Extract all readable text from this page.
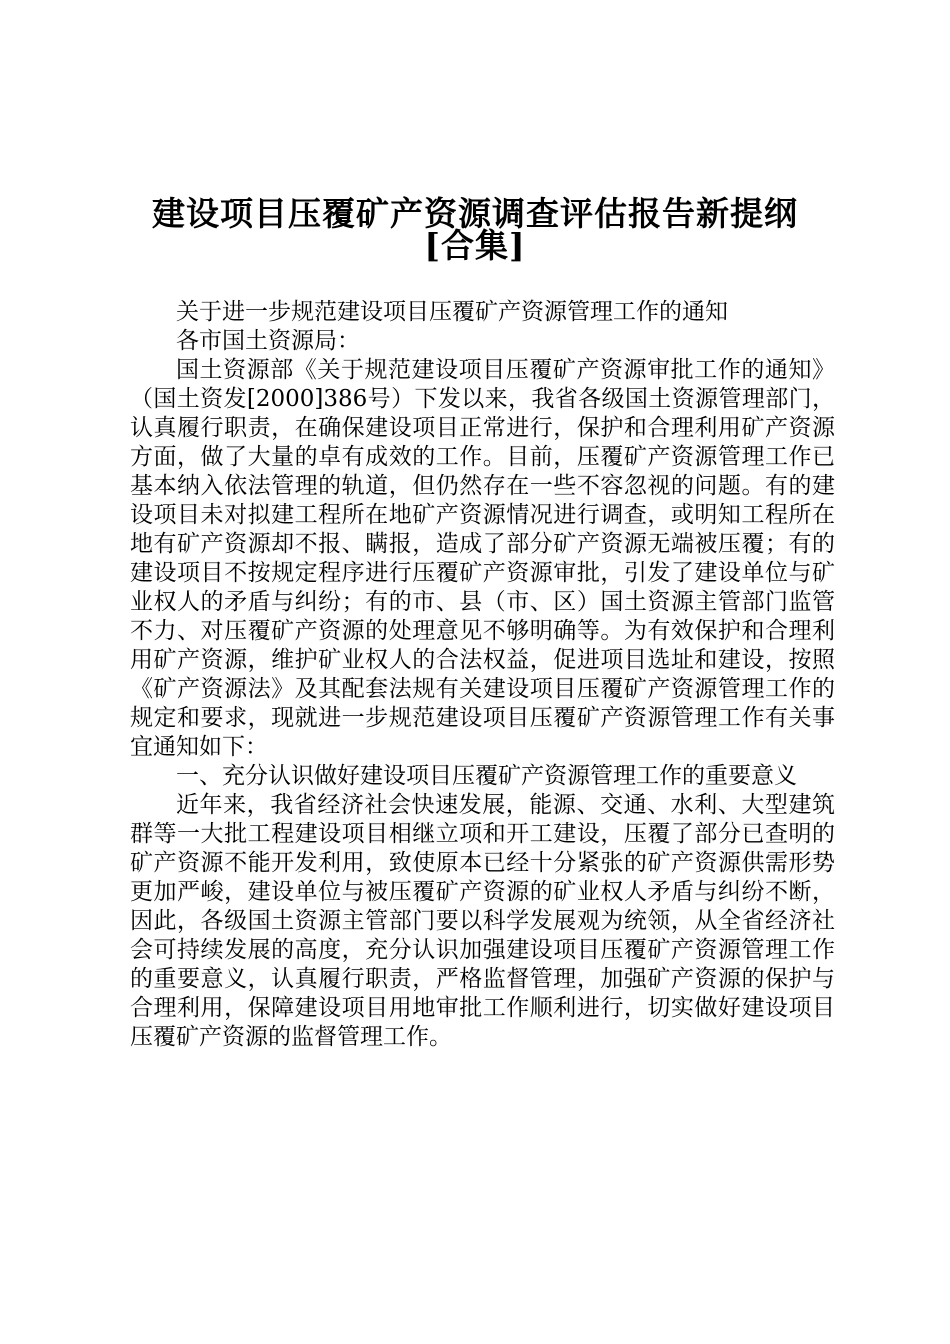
建设项目压覆矿产资源调查评估报告新提纲
[合集]

关于进一步规范建设项目压覆矿产资源管理工作的通知

各市国土资源局：

国土资源部《关于规范建设项目压覆矿产资源审批工作的通知》（国土资发[2000]386号）下发以来，我省各级国土资源管理部门，认真履行职责，在确保建设项目正常进行，保护和合理利用矿产资源方面，做了大量的卓有成效的工作。目前，压覆矿产资源管理工作已基本纳入依法管理的轨道，但仍然存在一些不容忽视的问题。有的建设项目未对拟建工程所在地矿产资源情况进行调查，或明知工程所在地有矿产资源却不报、瞒报，造成了部分矿产资源无端被压覆；有的建设项目不按规定程序进行压覆矿产资源审批，引发了建设单位与矿业权人的矛盾与纠纷；有的市、县（市、区）国土资源主管部门监管不力、对压覆矿产资源的处理意见不够明确等。为有效保护和合理利用矿产资源，维护矿业权人的合法权益，促进项目选址和建设，按照《矿产资源法》及其配套法规有关建设项目压覆矿产资源管理工作的规定和要求，现就进一步规范建设项目压覆矿产资源管理工作有关事宜通知如下：

一、充分认识做好建设项目压覆矿产资源管理工作的重要意义

近年来，我省经济社会快速发展，能源、交通、水利、大型建筑群等一大批工程建设项目相继立项和开工建设，压覆了部分已查明的矿产资源不能开发利用，致使原本已经十分紧张的矿产资源供需形势更加严峻，建设单位与被压覆矿产资源的矿业权人矛盾与纠纷不断，因此，各级国土资源主管部门要以科学发展观为统领，从全省经济社会可持续发展的高度，充分认识加强建设项目压覆矿产资源管理工作的重要意义，认真履行职责，严格监督管理，加强矿产资源的保护与合理利用，保障建设项目用地审批工作顺利进行，切实做好建设项目压覆矿产资源的监督管理工作。
